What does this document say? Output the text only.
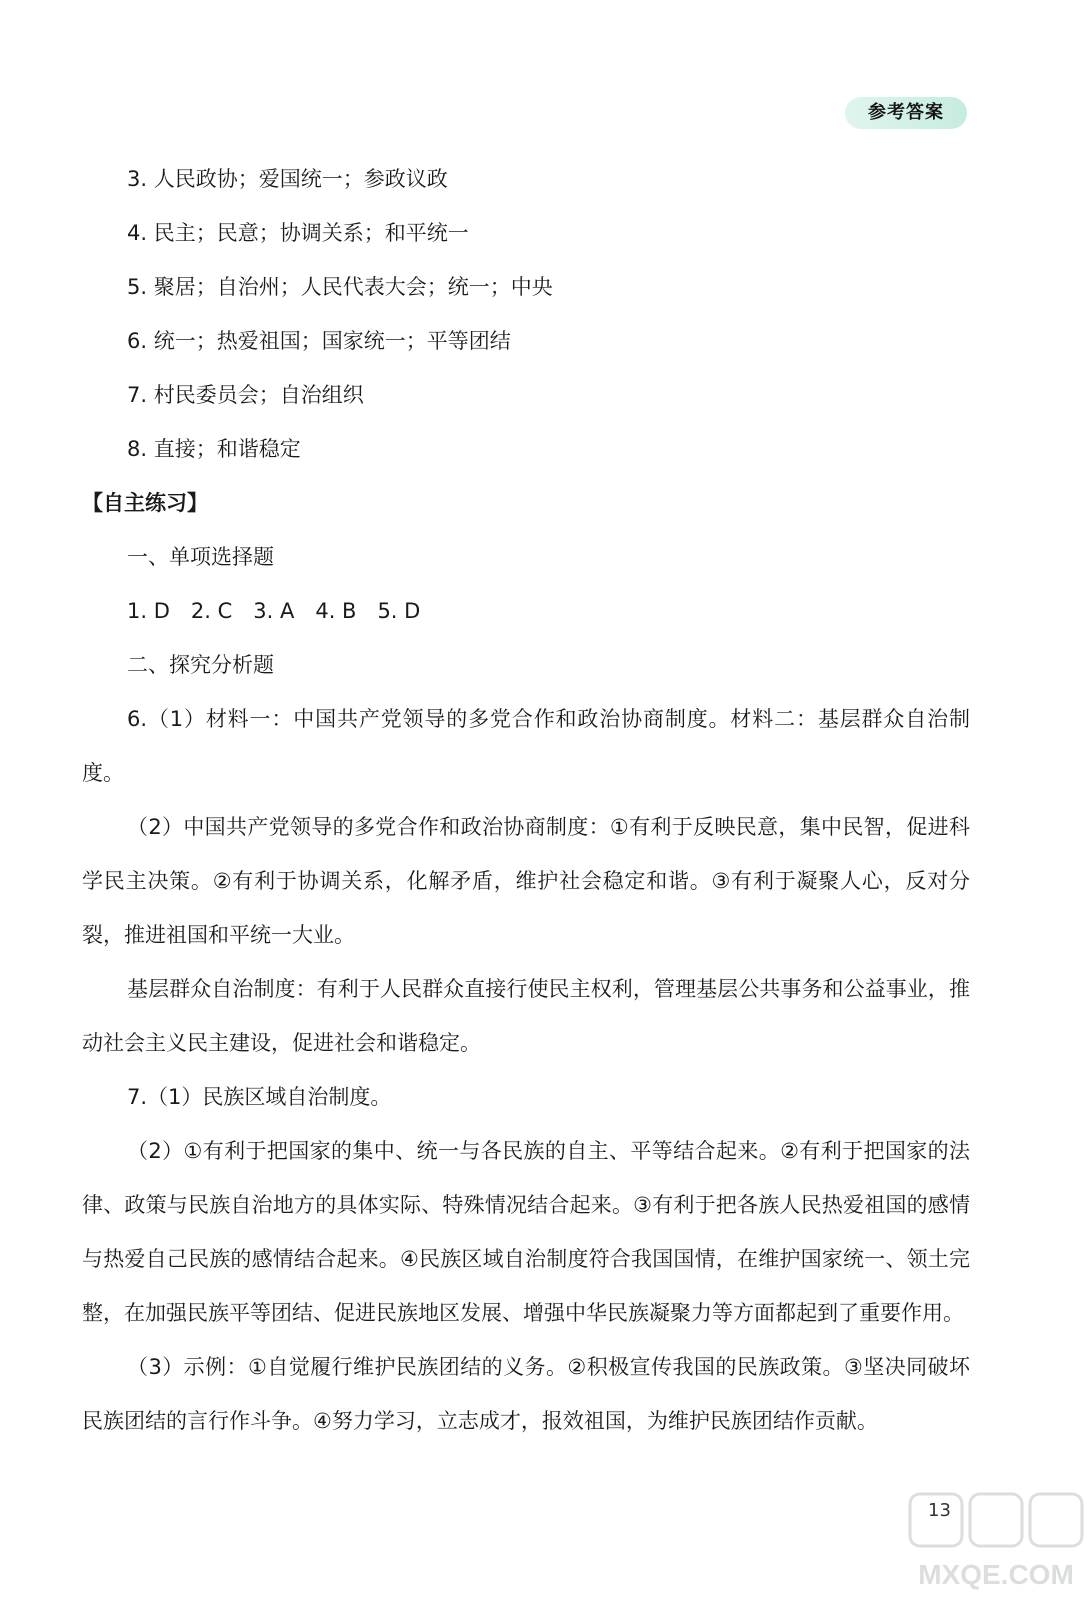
参考答案
3. 人民政协；爱国统一；参政议政
4. 民主；民意；协调关系；和平统一
5. 聚居；自治州；人民代表大会；统一；中央
6. 统一；热爱祖国；国家统一；平等团结
7. 村民委员会；自治组织
8. 直接；和谐稳定
【自主练习】
一、单项选择题
1. D　2. C　3. A　4. B　5. D
二、探究分析题
6.（1）材料一：中国共产党领导的多党合作和政治协商制度。材料二：基层群众自治制度。
（2）中国共产党领导的多党合作和政治协商制度：①有利于反映民意，集中民智，促进科学民主决策。②有利于协调关系，化解矛盾，维护社会稳定和谐。③有利于凝聚人心，反对分裂，推进祖国和平统一大业。
基层群众自治制度：有利于人民群众直接行使民主权利，管理基层公共事务和公益事业，推动社会主义民主建设，促进社会和谐稳定。
7.（1）民族区域自治制度。
（2）①有利于把国家的集中、统一与各民族的自主、平等结合起来。②有利于把国家的法律、政策与民族自治地方的具体实际、特殊情况结合起来。③有利于把各族人民热爱祖国的感情与热爱自己民族的感情结合起来。④民族区域自治制度符合我国国情，在维护国家统一、领土完整，在加强民族平等团结、促进民族地区发展、增强中华民族凝聚力等方面都起到了重要作用。
（3）示例：①自觉履行维护民族团结的义务。②积极宣传我国的民族政策。③坚决同破坏民族团结的言行作斗争。④努力学习，立志成才，报效祖国，为维护民族团结作贡献。
13
MXQE.COM
